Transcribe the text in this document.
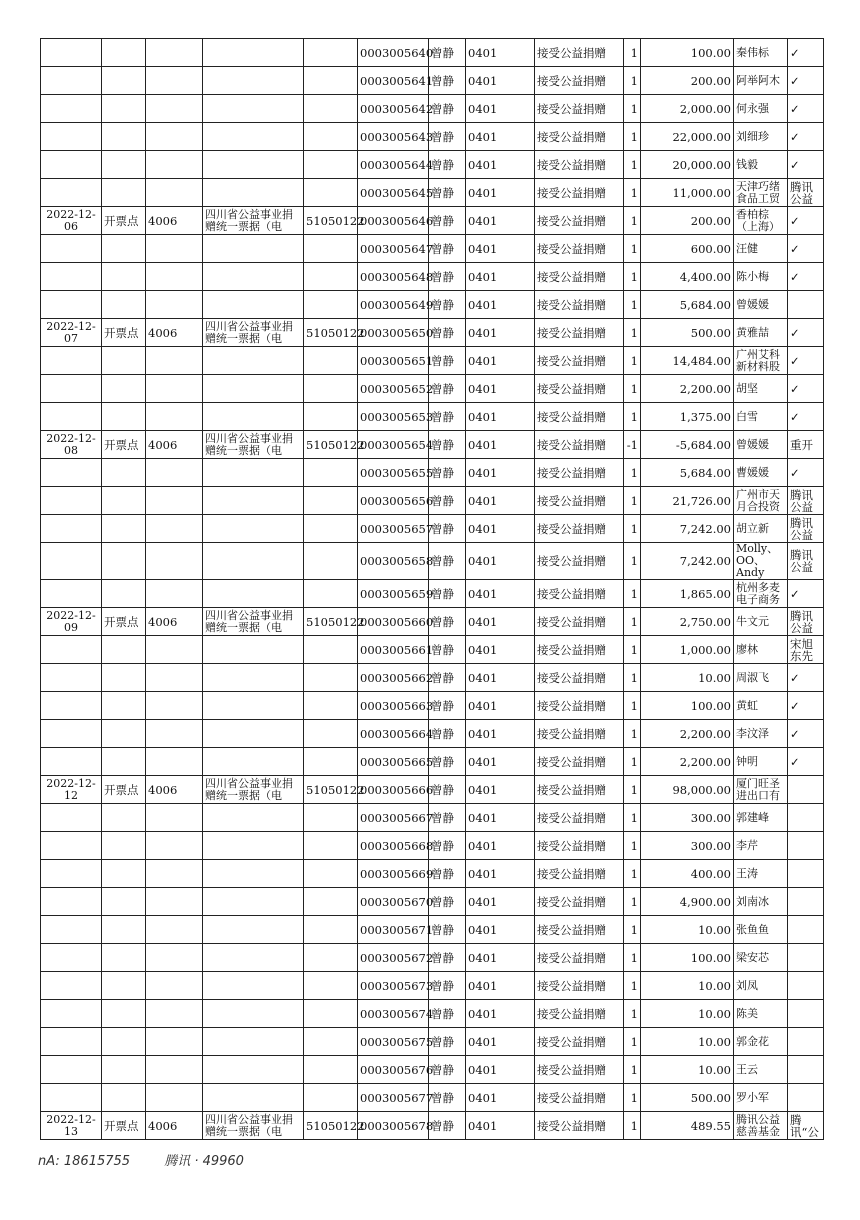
					0003005640	曾静	0401	接受公益捐赠	1	100.00	秦伟标	✓
					0003005641	曾静	0401	接受公益捐赠	1	200.00	阿举阿木	✓
					0003005642	曾静	0401	接受公益捐赠	1	2,000.00	何永强	✓
					0003005643	曾静	0401	接受公益捐赠	1	22,000.00	刘细珍	✓
					0003005644	曾静	0401	接受公益捐赠	1	20,000.00	钱毅	✓
					0003005645	曾静	0401	接受公益捐赠	1	11,000.00	天津巧绪食品工贸	腾讯公益
2022-12-06	开票点	4006	四川省公益事业捐赠统一票据（电	51050122	0003005646	曾静	0401	接受公益捐赠	1	200.00	香柏棕（上海）	✓
					0003005647	曾静	0401	接受公益捐赠	1	600.00	汪健	✓
					0003005648	曾静	0401	接受公益捐赠	1	4,400.00	陈小梅	✓
					0003005649	曾静	0401	接受公益捐赠	1	5,684.00	曾媛媛	
2022-12-07	开票点	4006	四川省公益事业捐赠统一票据（电	51050122	0003005650	曾静	0401	接受公益捐赠	1	500.00	黄雅喆	✓
					0003005651	曾静	0401	接受公益捐赠	1	14,484.00	广州艾科新材料股	✓
					0003005652	曾静	0401	接受公益捐赠	1	2,200.00	胡坚	✓
					0003005653	曾静	0401	接受公益捐赠	1	1,375.00	白雪	✓
2022-12-08	开票点	4006	四川省公益事业捐赠统一票据（电	51050122	0003005654	曾静	0401	接受公益捐赠	-1	-5,684.00	曾媛媛	重开
					0003005655	曾静	0401	接受公益捐赠	1	5,684.00	曹媛媛	✓
					0003005656	曾静	0401	接受公益捐赠	1	21,726.00	广州市天月合投资	腾讯公益
					0003005657	曾静	0401	接受公益捐赠	1	7,242.00	胡立新	腾讯公益
					0003005658	曾静	0401	接受公益捐赠	1	7,242.00	Molly、OO、Andy	腾讯公益
					0003005659	曾静	0401	接受公益捐赠	1	1,865.00	杭州多麦电子商务	✓
2022-12-09	开票点	4006	四川省公益事业捐赠统一票据（电	51050122	0003005660	曾静	0401	接受公益捐赠	1	2,750.00	牛文元	腾讯公益
					0003005661	曾静	0401	接受公益捐赠	1	1,000.00	廖林	宋旭东先
					0003005662	曾静	0401	接受公益捐赠	1	10.00	周淑飞	✓
					0003005663	曾静	0401	接受公益捐赠	1	100.00	黄虹	✓
					0003005664	曾静	0401	接受公益捐赠	1	2,200.00	李汶泽	✓
					0003005665	曾静	0401	接受公益捐赠	1	2,200.00	钟明	✓
2022-12-12	开票点	4006	四川省公益事业捐赠统一票据（电	51050122	0003005666	曾静	0401	接受公益捐赠	1	98,000.00	厦门旺圣进出口有	
					0003005667	曾静	0401	接受公益捐赠	1	300.00	郭建峰	
					0003005668	曾静	0401	接受公益捐赠	1	300.00	李芹	
					0003005669	曾静	0401	接受公益捐赠	1	400.00	王涛	
					0003005670	曾静	0401	接受公益捐赠	1	4,900.00	刘南冰	
					0003005671	曾静	0401	接受公益捐赠	1	10.00	张鱼鱼	
					0003005672	曾静	0401	接受公益捐赠	1	100.00	梁安芯	
					0003005673	曾静	0401	接受公益捐赠	1	10.00	刘凤	
					0003005674	曾静	0401	接受公益捐赠	1	10.00	陈美	
					0003005675	曾静	0401	接受公益捐赠	1	10.00	郭金花	
					0003005676	曾静	0401	接受公益捐赠	1	10.00	王云	
					0003005677	曾静	0401	接受公益捐赠	1	500.00	罗小军	
2022-12-13	开票点	4006	四川省公益事业捐赠统一票据（电	51050122	0003005678	曾静	0401	接受公益捐赠	1	489.55	腾讯公益慈善基金	腾讯“公
nA: 18615755	腾讯 · 49960
